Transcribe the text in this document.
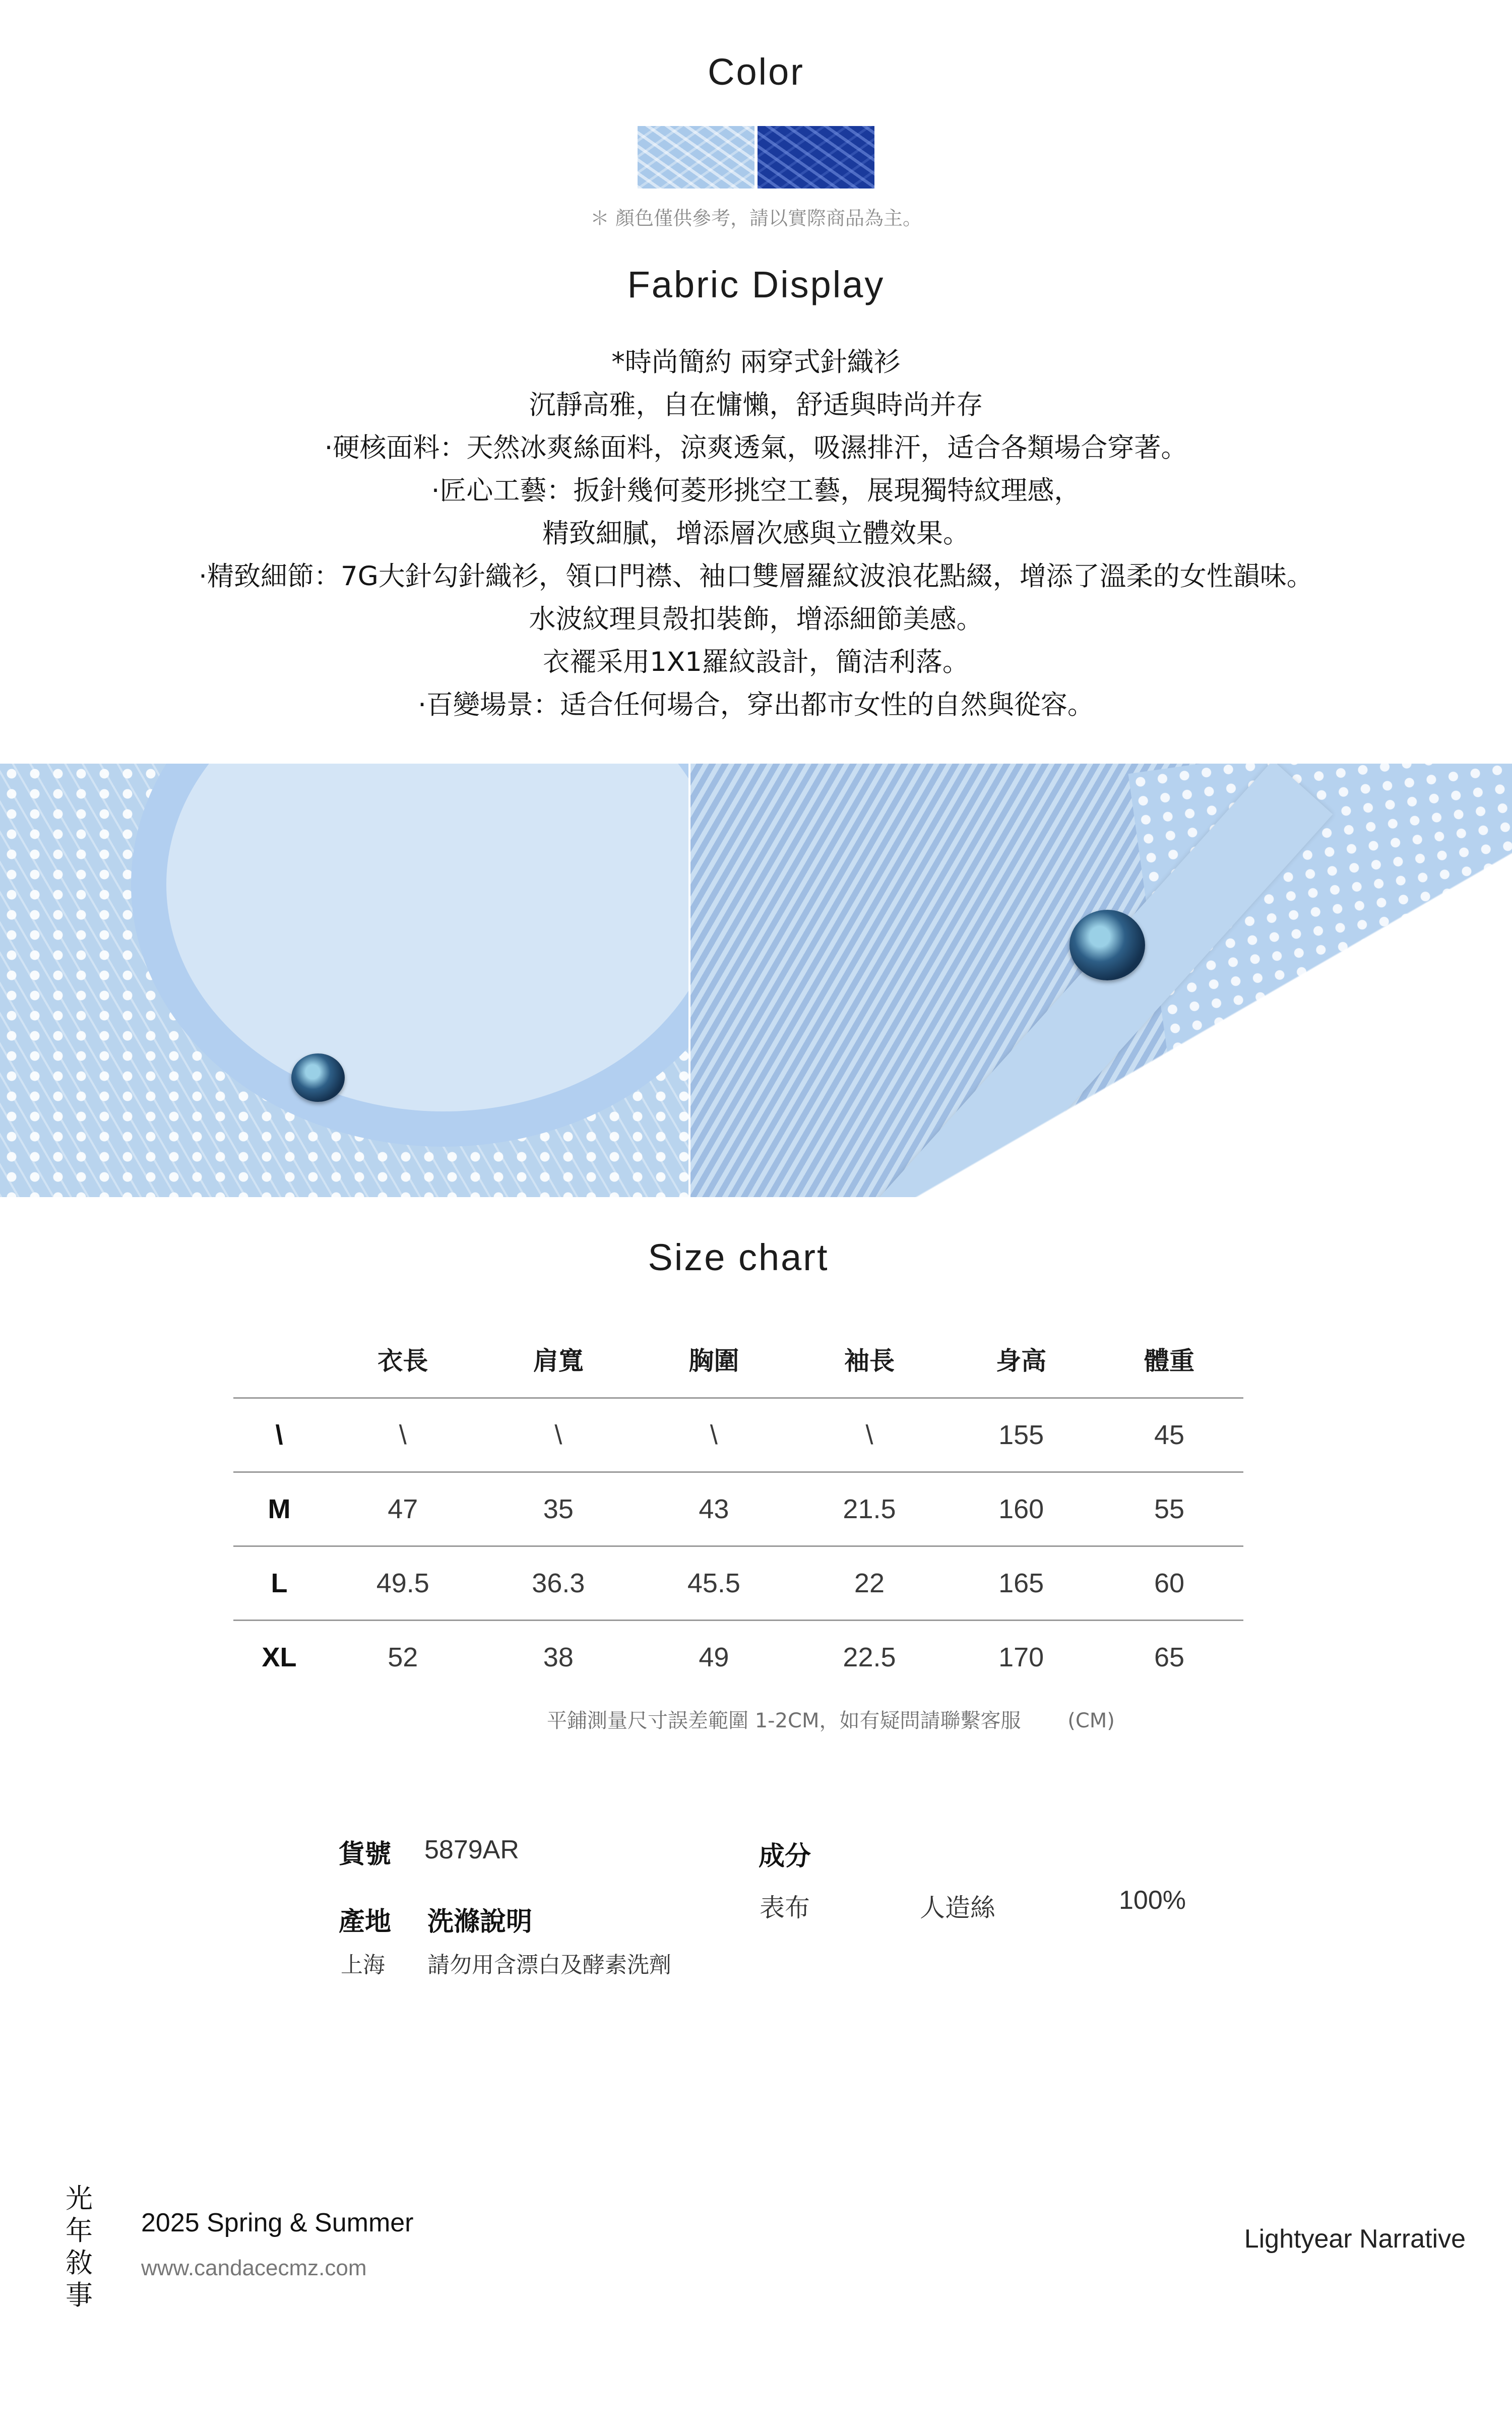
Color
＊ 顏色僅供參考，請以實際商品為主。
Fabric Display
*時尚簡約 兩穿式針織衫
沉靜高雅，自在慵懶，舒适與時尚并存
·硬核面料：天然冰爽絲面料，涼爽透氣，吸濕排汗，适合各類場合穿著。
·匠心工藝：扳針幾何菱形挑空工藝，展現獨特紋理感，
精致細膩，增添層次感與立體效果。
·精致細節：7G大針勾針織衫，領口門襟、袖口雙層羅紋波浪花點綴，增添了溫柔的女性韻味。
水波紋理貝殼扣裝飾，增添細節美感。
衣襬采用1X1羅紋設計，簡洁利落。
·百變場景：适合任何場合，穿出都市女性的自然與從容。
Size chart
	衣長	肩寬	胸圍	袖長	身高	體重
\	\	\	\	\	155	45
M	47	35	43	21.5	160	55
L	49.5	36.3	45.5	22	165	60
XL	52	38	49	22.5	170	65
平鋪測量尺寸誤差範圍 1-2CM，如有疑問請聯繫客服 (CM)
貨號 5879AR
產地 洗滌說明
上海 請勿用含漂白及酵素洗劑
成分
表布	人造絲	100%
光
年
敘
事
2025 Spring & Summer
www.candacecmz.com
Lightyear Narrative
